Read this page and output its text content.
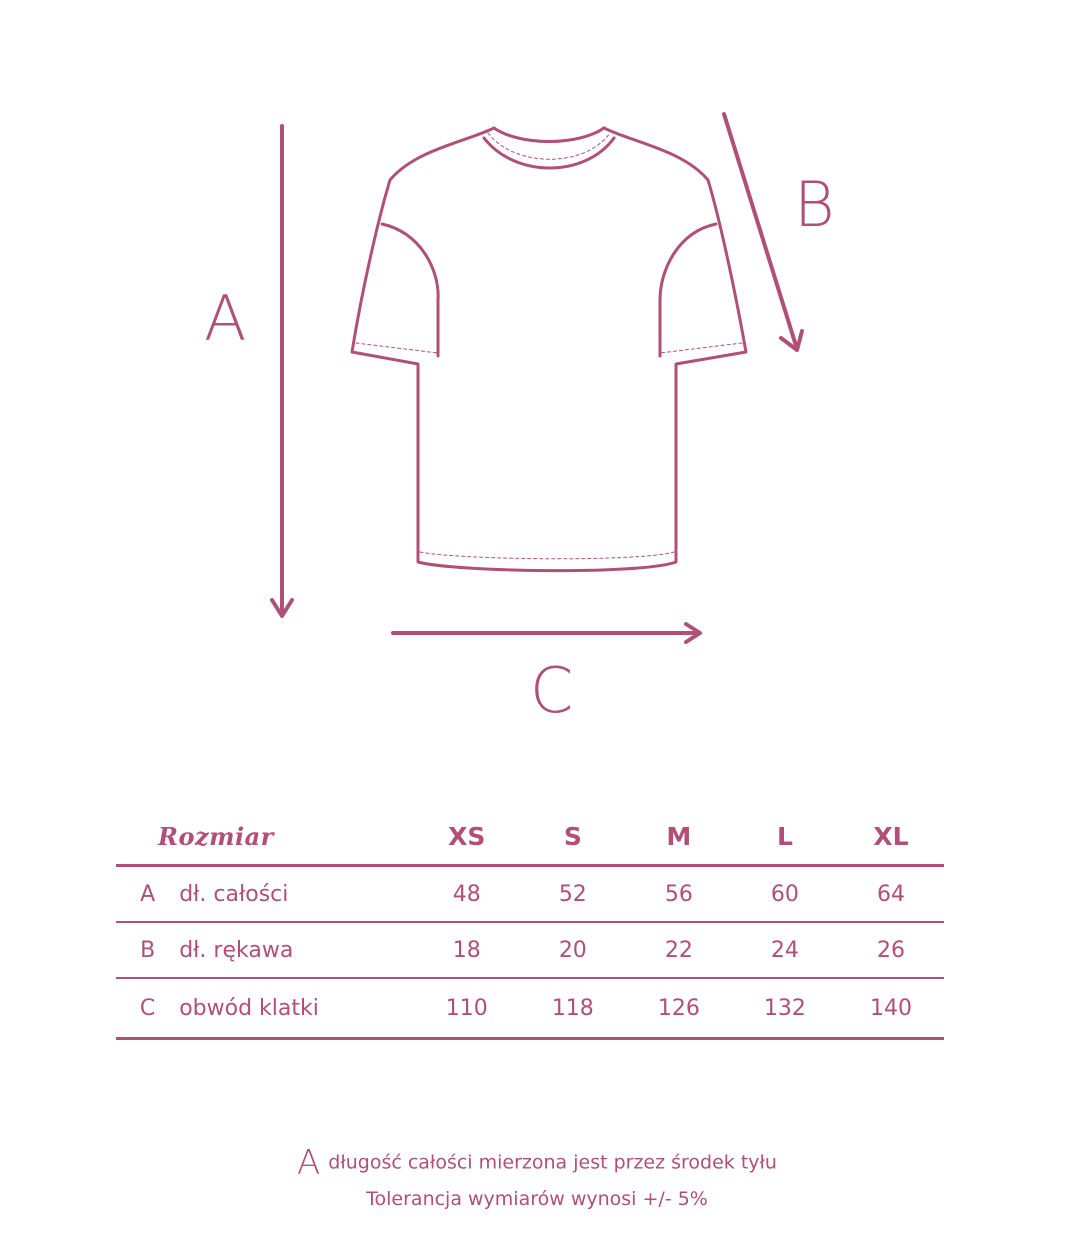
A
B
C
Rozmiar		XS	S	M	L	XL
A	dł. całości	48	52	56	60	64
B	dł. rękawa	18	20	22	24	26
C	obwód klatki	110	118	126	132	140
Adługość całości mierzona jest przez środek tyłu
Tolerancja wymiarów wynosi +/- 5%
